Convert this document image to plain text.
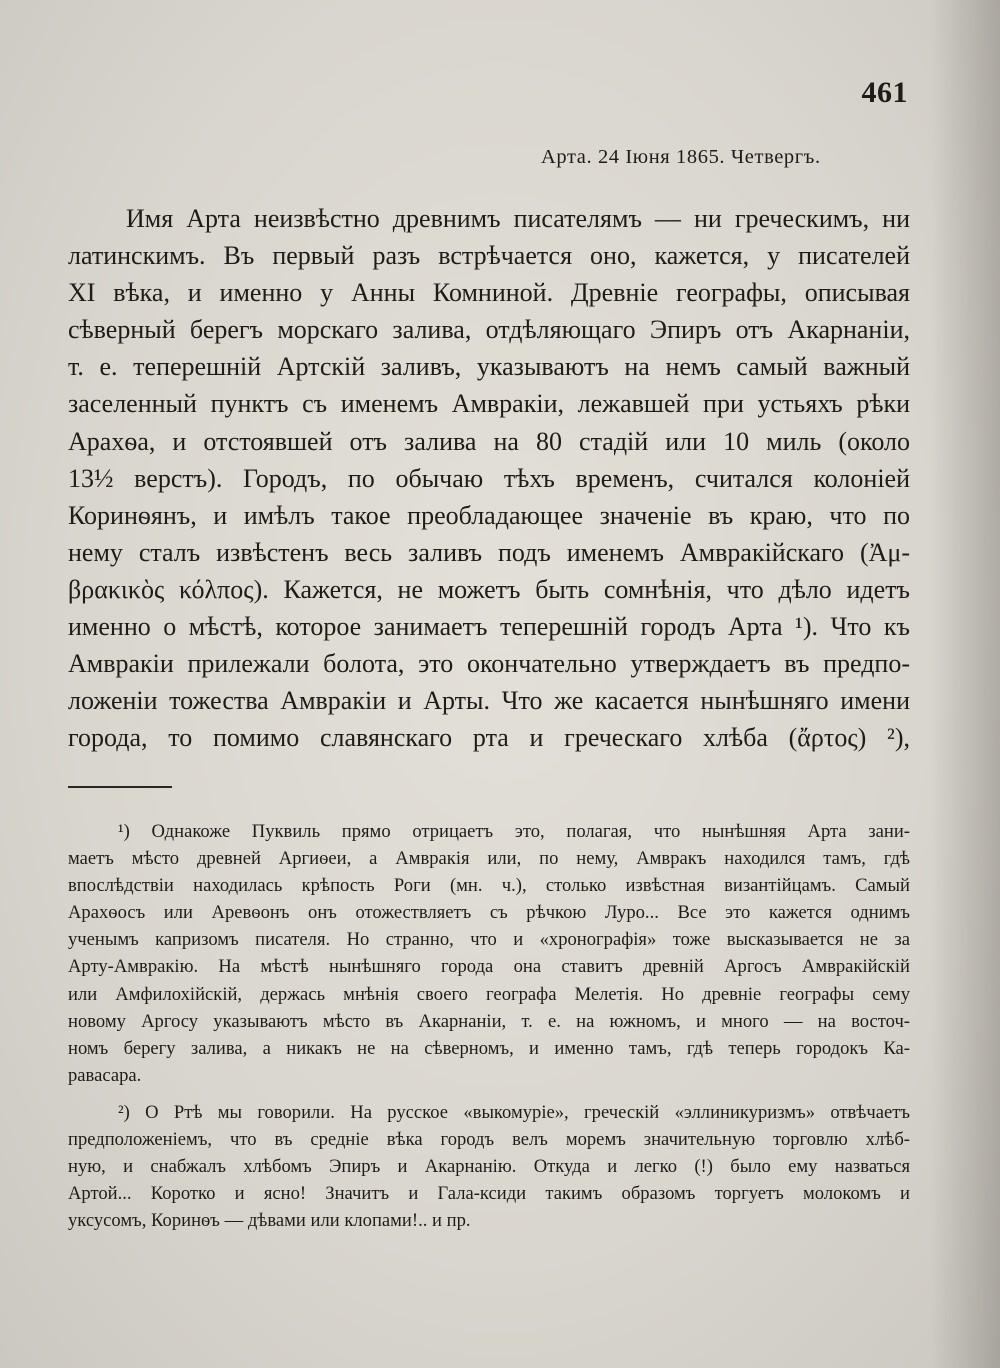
461
Арта. 24 Іюня 1865. Четвергъ.
Имя Арта неизвѣстно древнимъ писателямъ — ни греческимъ, ни
латинскимъ. Въ первый разъ встрѣчается оно, кажется, у писателей
XI вѣка, и именно у Анны Комниной. Древніе географы, описывая
сѣверный берегъ морскаго залива, отдѣляющаго Эпиръ отъ Акарнаніи,
т. е. теперешній Артскій заливъ, указываютъ на немъ самый важный
заселенный пунктъ съ именемъ Амвракіи, лежавшей при устьяхъ рѣки
Арахѳа, и отстоявшей отъ залива на 80 стадій или 10 миль (около
13½ верстъ). Городъ, по обычаю тѣхъ временъ, считался колоніей
Коринѳянъ, и имѣлъ такое преобладающее значеніе въ краю, что по
нему сталъ извѣстенъ весь заливъ подъ именемъ Амвракійскаго (Ἀμ-
βρακικὸς κόλπος). Кажется, не можетъ быть сомнѣнія, что дѣло идетъ
именно о мѣстѣ, которое занимаетъ теперешній городъ Арта ¹). Что къ
Амвракіи прилежали болота, это окончательно утверждаетъ въ предпо-
ложеніи тожества Амвракіи и Арты. Что же касается нынѣшняго имени
города, то помимо славянскаго рта и греческаго хлѣба (ἄρτος) ²),
¹) Однакоже Пуквиль прямо отрицаетъ это, полагая, что нынѣшняя Арта зани-
маетъ мѣсто древней Аргиѳеи, а Амвракія или, по нему, Амвракъ находился тамъ, гдѣ
впослѣдствіи находилась крѣпость Роги (мн. ч.), столько извѣстная византійцамъ. Самый
Арахѳосъ или Аревѳонъ онъ отожествляетъ съ рѣчкою Луро... Все это кажется однимъ
ученымъ капризомъ писателя. Но странно, что и «хронографія» тоже высказывается не за
Арту-Амвракію. На мѣстѣ нынѣшняго города она ставитъ древній Аргосъ Амвракійскій
или Амфилохійскій, держась мнѣнія своего географа Мелетія. Но древніе географы сему
новому Аргосу указываютъ мѣсто въ Акарнаніи, т. е. на южномъ, и много — на восточ-
номъ берегу залива, а никакъ не на сѣверномъ, и именно тамъ, гдѣ теперь городокъ Ка-
равасара.
²) О Ртѣ мы говорили. На русское «выкомуріе», греческій «эллиникуризмъ» отвѣчаетъ
предположеніемъ, что въ средніе вѣка городъ велъ моремъ значительную торговлю хлѣб-
ную, и снабжалъ хлѣбомъ Эпиръ и Акарнанію. Откуда и легко (!) было ему назваться
Артой... Коротко и ясно! Значитъ и Гала-ксиди такимъ образомъ торгуетъ молокомъ и
уксусомъ, Коринѳъ — дѣвами или клопами!.. и пр.
